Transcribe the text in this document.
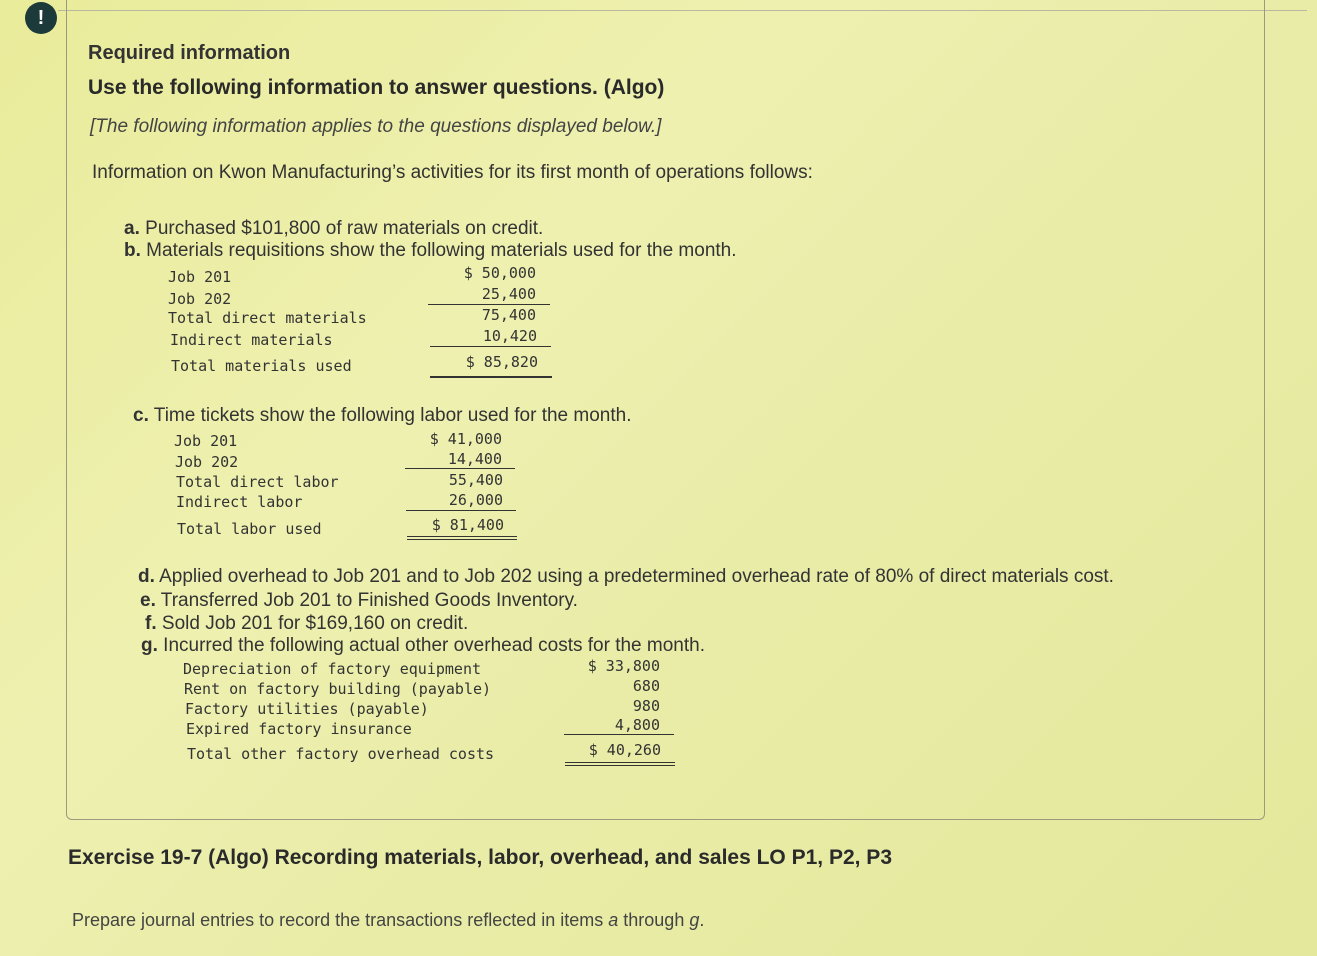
!
Required information
Use the following information to answer questions. (Algo)
[The following information applies to the questions displayed below.]
Information on Kwon Manufacturing’s activities for its first month of operations follows:
a. Purchased $101,800 of raw materials on credit.
b. Materials requisitions show the following materials used for the month.
Job 201	$ 50,000
Job 202	25,400
Total direct materials	75,400
Indirect materials	10,420
Total materials used	$ 85,820
c. Time tickets show the following labor used for the month.
Job 201	$ 41,000
Job 202	14,400
Total direct labor	55,400
Indirect labor	26,000
Total labor used	$ 81,400
d. Applied overhead to Job 201 and to Job 202 using a predetermined overhead rate of 80% of direct materials cost.
e. Transferred Job 201 to Finished Goods Inventory.
f. Sold Job 201 for $169,160 on credit.
g. Incurred the following actual other overhead costs for the month.
Depreciation of factory equipment	$ 33,800
Rent on factory building (payable)	680
Factory utilities (payable)	980
Expired factory insurance	4,800
Total other factory overhead costs	$ 40,260
Exercise 19-7 (Algo) Recording materials, labor, overhead, and sales LO P1, P2, P3
Prepare journal entries to record the transactions reflected in items a through g.
